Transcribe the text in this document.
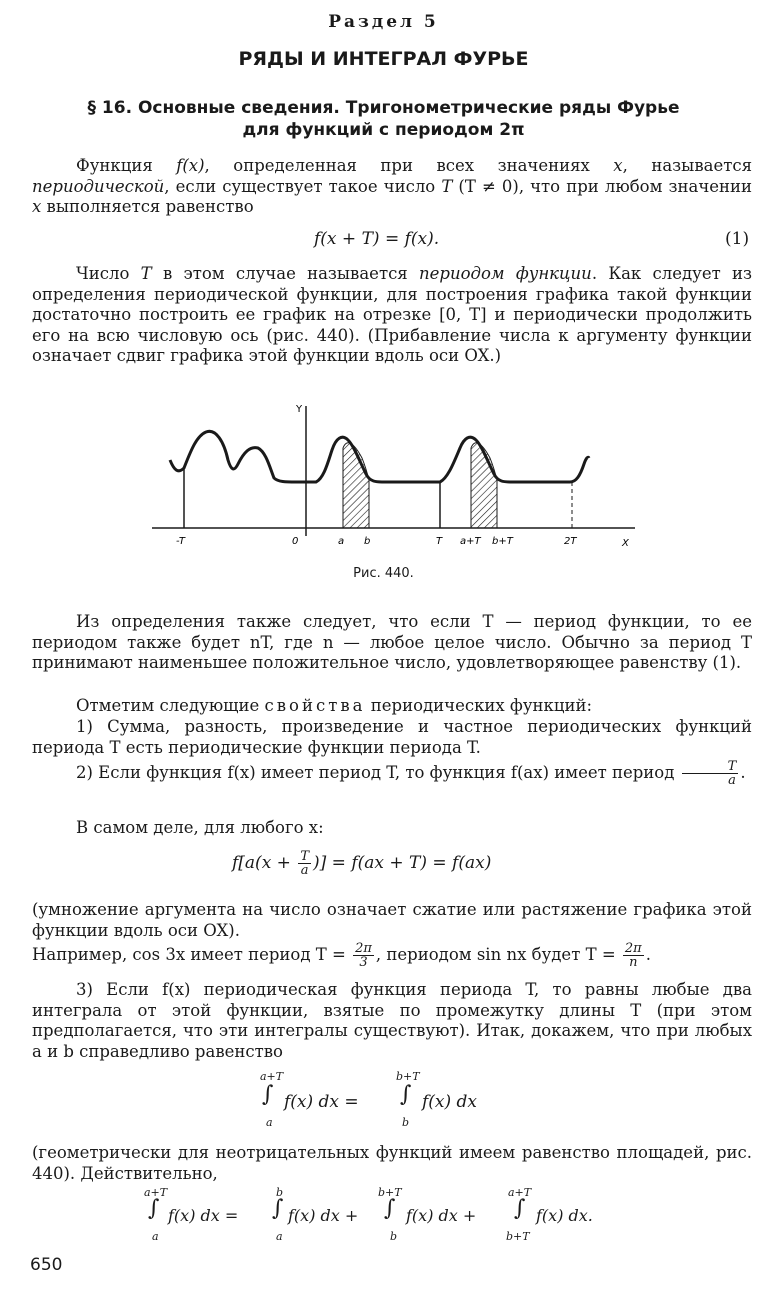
Раздел 5
РЯДЫ И ИНТЕГРАЛ ФУРЬЕ
§ 16. Основные сведения. Тригонометрические ряды Фурье
для функций с периодом 2π
Функция f(x), определенная при всех значениях x, называется периодической, если существует такое число T (T ≠ 0), что при любом значении x выполняется равенство
f(x + T) = f(x).	(1)
Число T в этом случае называется периодом функции. Как следует из определения периодической функции, для построения графика такой функции достаточно построить ее график на отрезке [0, T] и периодически продолжить его на всю числовую ось (рис. 440). (Прибавление числа к аргументу функции означает сдвиг графика этой функции вдоль оси OX.)
Y
X
-T	0	a b	T a+T b+T	2T
Рис. 440.
Из определения также следует, что если T — период функции, то ее периодом также будет nT, где n — любое целое число. Обычно за период T принимают наименьшее положительное число, удовлетворяющее равенству (1).
Отметим следующие свойства периодических функций:
1) Сумма, разность, произведение и частное периодических функций периода T есть периодические функции периода T.
2) Если функция f(x) имеет период T, то функция f(ax) имеет период $\frac{T}{a}$ .
В самом деле, для любого x:
$f[a(x + \frac{T}{a}$ )] = f(ax + T) = f(ax)
(умножение аргумента на число означает сжатие или растяжение графика этой функции вдоль оси OX).
Например, cos 3x имеет период $T = \frac{2\pi}{3}$ , периодом sin nx будет $T = \frac{2\pi}{n}$ .
3) Если f(x) периодическая функция периода T, то равны любые два интеграла от этой функции, взятые по промежутку длины T (при этом предполагается, что эти интегралы существуют). Итак, докажем, что при любых a и b справедливо равенство
a+T
∫
a
f(x) dx =
b+T
∫
b
f(x) dx
(геометрически для неотрицательных функций имеем равенство площадей, рис. 440). Действительно,
a+T
∫
a
f(x) dx =
b
∫
a
f(x) dx +
b+T
∫
b
f(x) dx +
a+T
∫
b+T
f(x) dx.
650
